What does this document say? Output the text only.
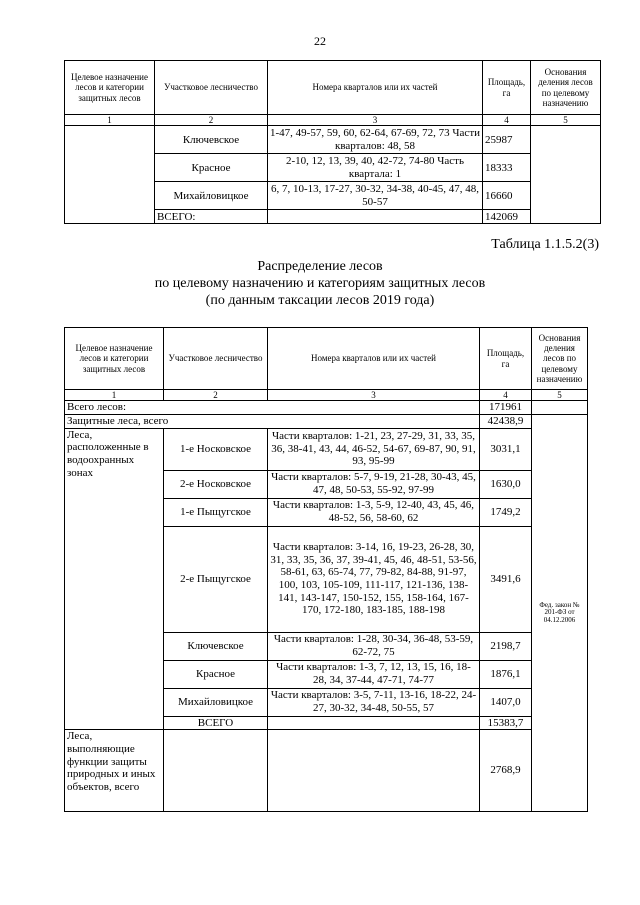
22
Целевое назначение лесов и категории защитных лесов	Участковое лесничество	Номера кварталов или их частей	Площадь, га	Основания деления лесов по целевому назначению
1	2	3	4	5
	Ключевское	1-47, 49-57, 59, 60, 62-64, 67-69, 72, 73 Части кварталов: 48, 58	25987	
	Красное	2-10, 12, 13, 39, 40, 42-72, 74-80 Часть квартала: 1	18333	
	Михайловицкое	6, 7, 10-13, 17-27, 30-32, 34-38, 40-45, 47, 48, 50-57	16660	
	ВСЕГО:		142069	
Таблица 1.1.5.2(3)
Распределение лесов
по целевому назначению и категориям защитных лесов
(по данным таксации лесов 2019 года)
Целевое назначение лесов и категории защитных лесов	Участковое лесничество	Номера кварталов или их частей	Площадь, га	Основания деления лесов по целевому назначению
1	2	3	4	5
Всего лесов:			171961	
Защитные леса, всего			42438,9	Фед. закон № 201-ФЗ от 04.12.2006
Леса, расположенные в водоохранных зонах	1-е Носковское	Части кварталов: 1-21, 23, 27-29, 31, 33, 35, 36, 38-41, 43, 44, 46-52, 54-67, 69-87, 90, 91, 93, 95-99	3031,1	
	2-е Носковское	Части кварталов: 5-7, 9-19, 21-28, 30-43, 45, 47, 48, 50-53, 55-92, 97-99	1630,0	
	1-е Пыщугское	Части кварталов: 1-3, 5-9, 12-40, 43, 45, 46, 48-52, 56, 58-60, 62	1749,2	
	2-е Пыщугское	Части кварталов: 3-14, 16, 19-23, 26-28, 30, 31, 33, 35, 36, 37, 39-41, 45, 46, 48-51, 53-56, 58-61, 63, 65-74, 77, 79-82, 84-88, 91-97, 100, 103, 105-109, 111-117, 121-136, 138-141, 143-147, 150-152, 155, 158-164, 167-170, 172-180, 183-185, 188-198	3491,6	
	Ключевское	Части кварталов: 1-28, 30-34, 36-48, 53-59, 62-72, 75	2198,7	
	Красное	Части кварталов: 1-3, 7, 12, 13, 15, 16, 18-28, 34, 37-44, 47-71, 74-77	1876,1	
	Михайловицкое	Части кварталов: 3-5, 7-11, 13-16, 18-22, 24-27, 30-32, 34-48, 50-55, 57	1407,0	
	ВСЕГО		15383,7	
Леса, выполняющие функции защиты природных и иных объектов, всего			2768,9	
